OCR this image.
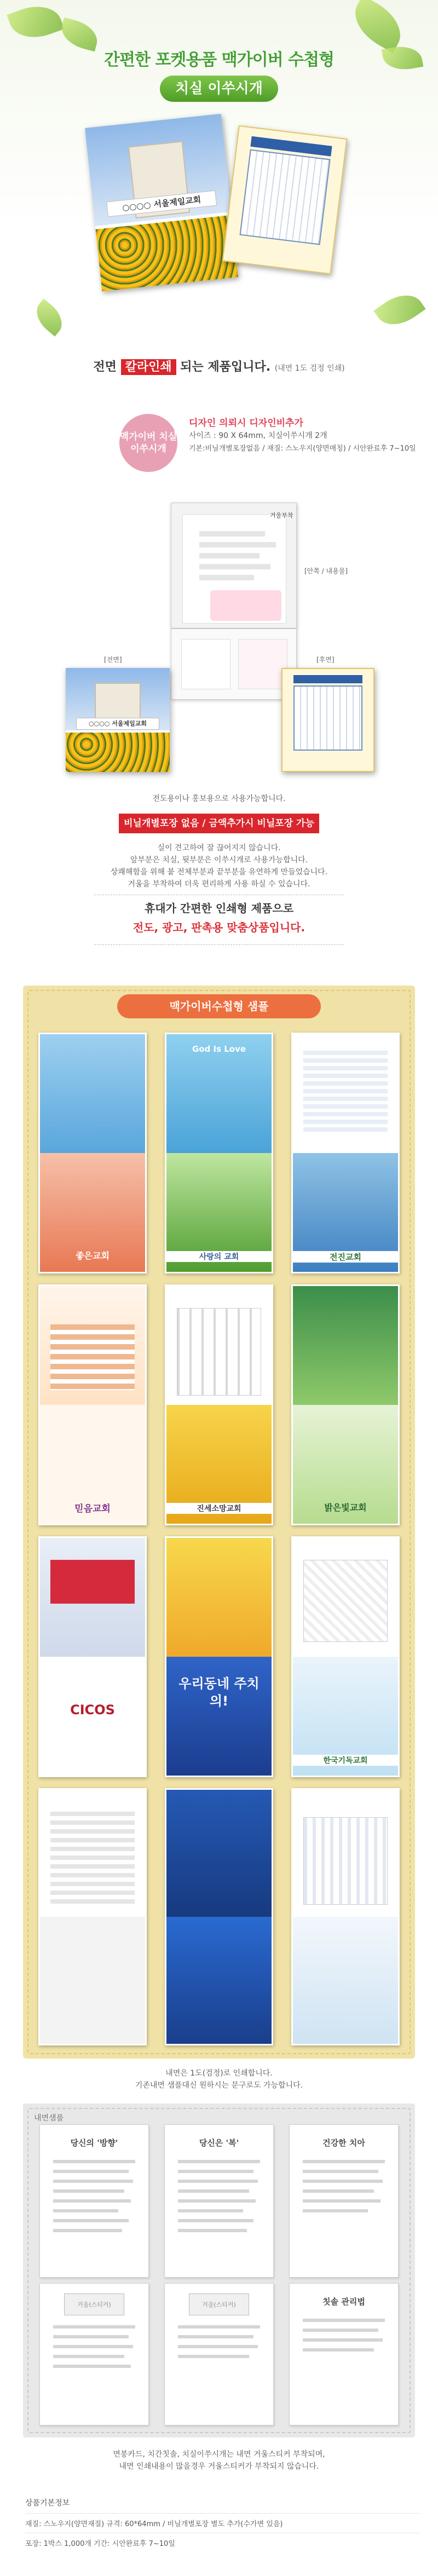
간편한 포켓용품 맥가이버 수첩형
치실 이쑤시개
○○○○ 서울제일교회
전면 칼라인쇄 되는 제품입니다. (내면 1도 검정 인쇄)
맥가이버 치실 이쑤시개
디자인 의뢰시 디자인비추가
사이즈 : 90 X 64mm, 치실이쑤시개 2개
기본:비닐개별포장없음 / 재질: 스노우지(양면매칭) / 시안완료후 7~10일
거울부착
[안쪽 / 내용물]
○○○○ 서울제일교회
[전면]	[후면]
전도용이나 홍보용으로 사용가능합니다.
비닐개별포장 없음 / 금액추가시 비닐포장 가능
실이 견고하여 잘 끊어지지 않습니다.
앞부분은 치실, 뒷부분은 이쑤시개로 사용가능합니다.
상쾌해함을 위해 붙 전체부분과 끝부분을 유연하게 만들었습니다.
거울을 부착하여 더욱 편리하게 사용 하실 수 있습니다.
휴대가 간편한 인쇄형 제품으로
전도, 광고, 판촉용 맞춤상품입니다.
맥가이버수첩형 샘플
좋은교회
God Is Love
사랑의 교회	전진교회
믿음교회	진세소망교회	밝은빛교회
CICOS
우리동네 주치의!
한국기독교회
내면은 1도(검정)로 인쇄합니다.
기존내면 샘플대신 원하시는 문구로도 가능합니다.
내면샘플
당신의 '방향'	당신은 '복'	건강한 치아
거울(스티커)	거울(스티커)	칫솔 관리법
면봉카드, 치간칫솔, 치실이쑤시개는 내면 거울스티커 부착되며,
내면 인쇄내용이 많을경우 거울스티커가 부착되지 않습니다.
상품기본정보
재질: 스노우지(양면재질) 규격: 60*64mm / 비닐개별포장 별도 추가(수가변 있음)
포장: 1박스 1,000개 기간: 시안완료후 7~10일
